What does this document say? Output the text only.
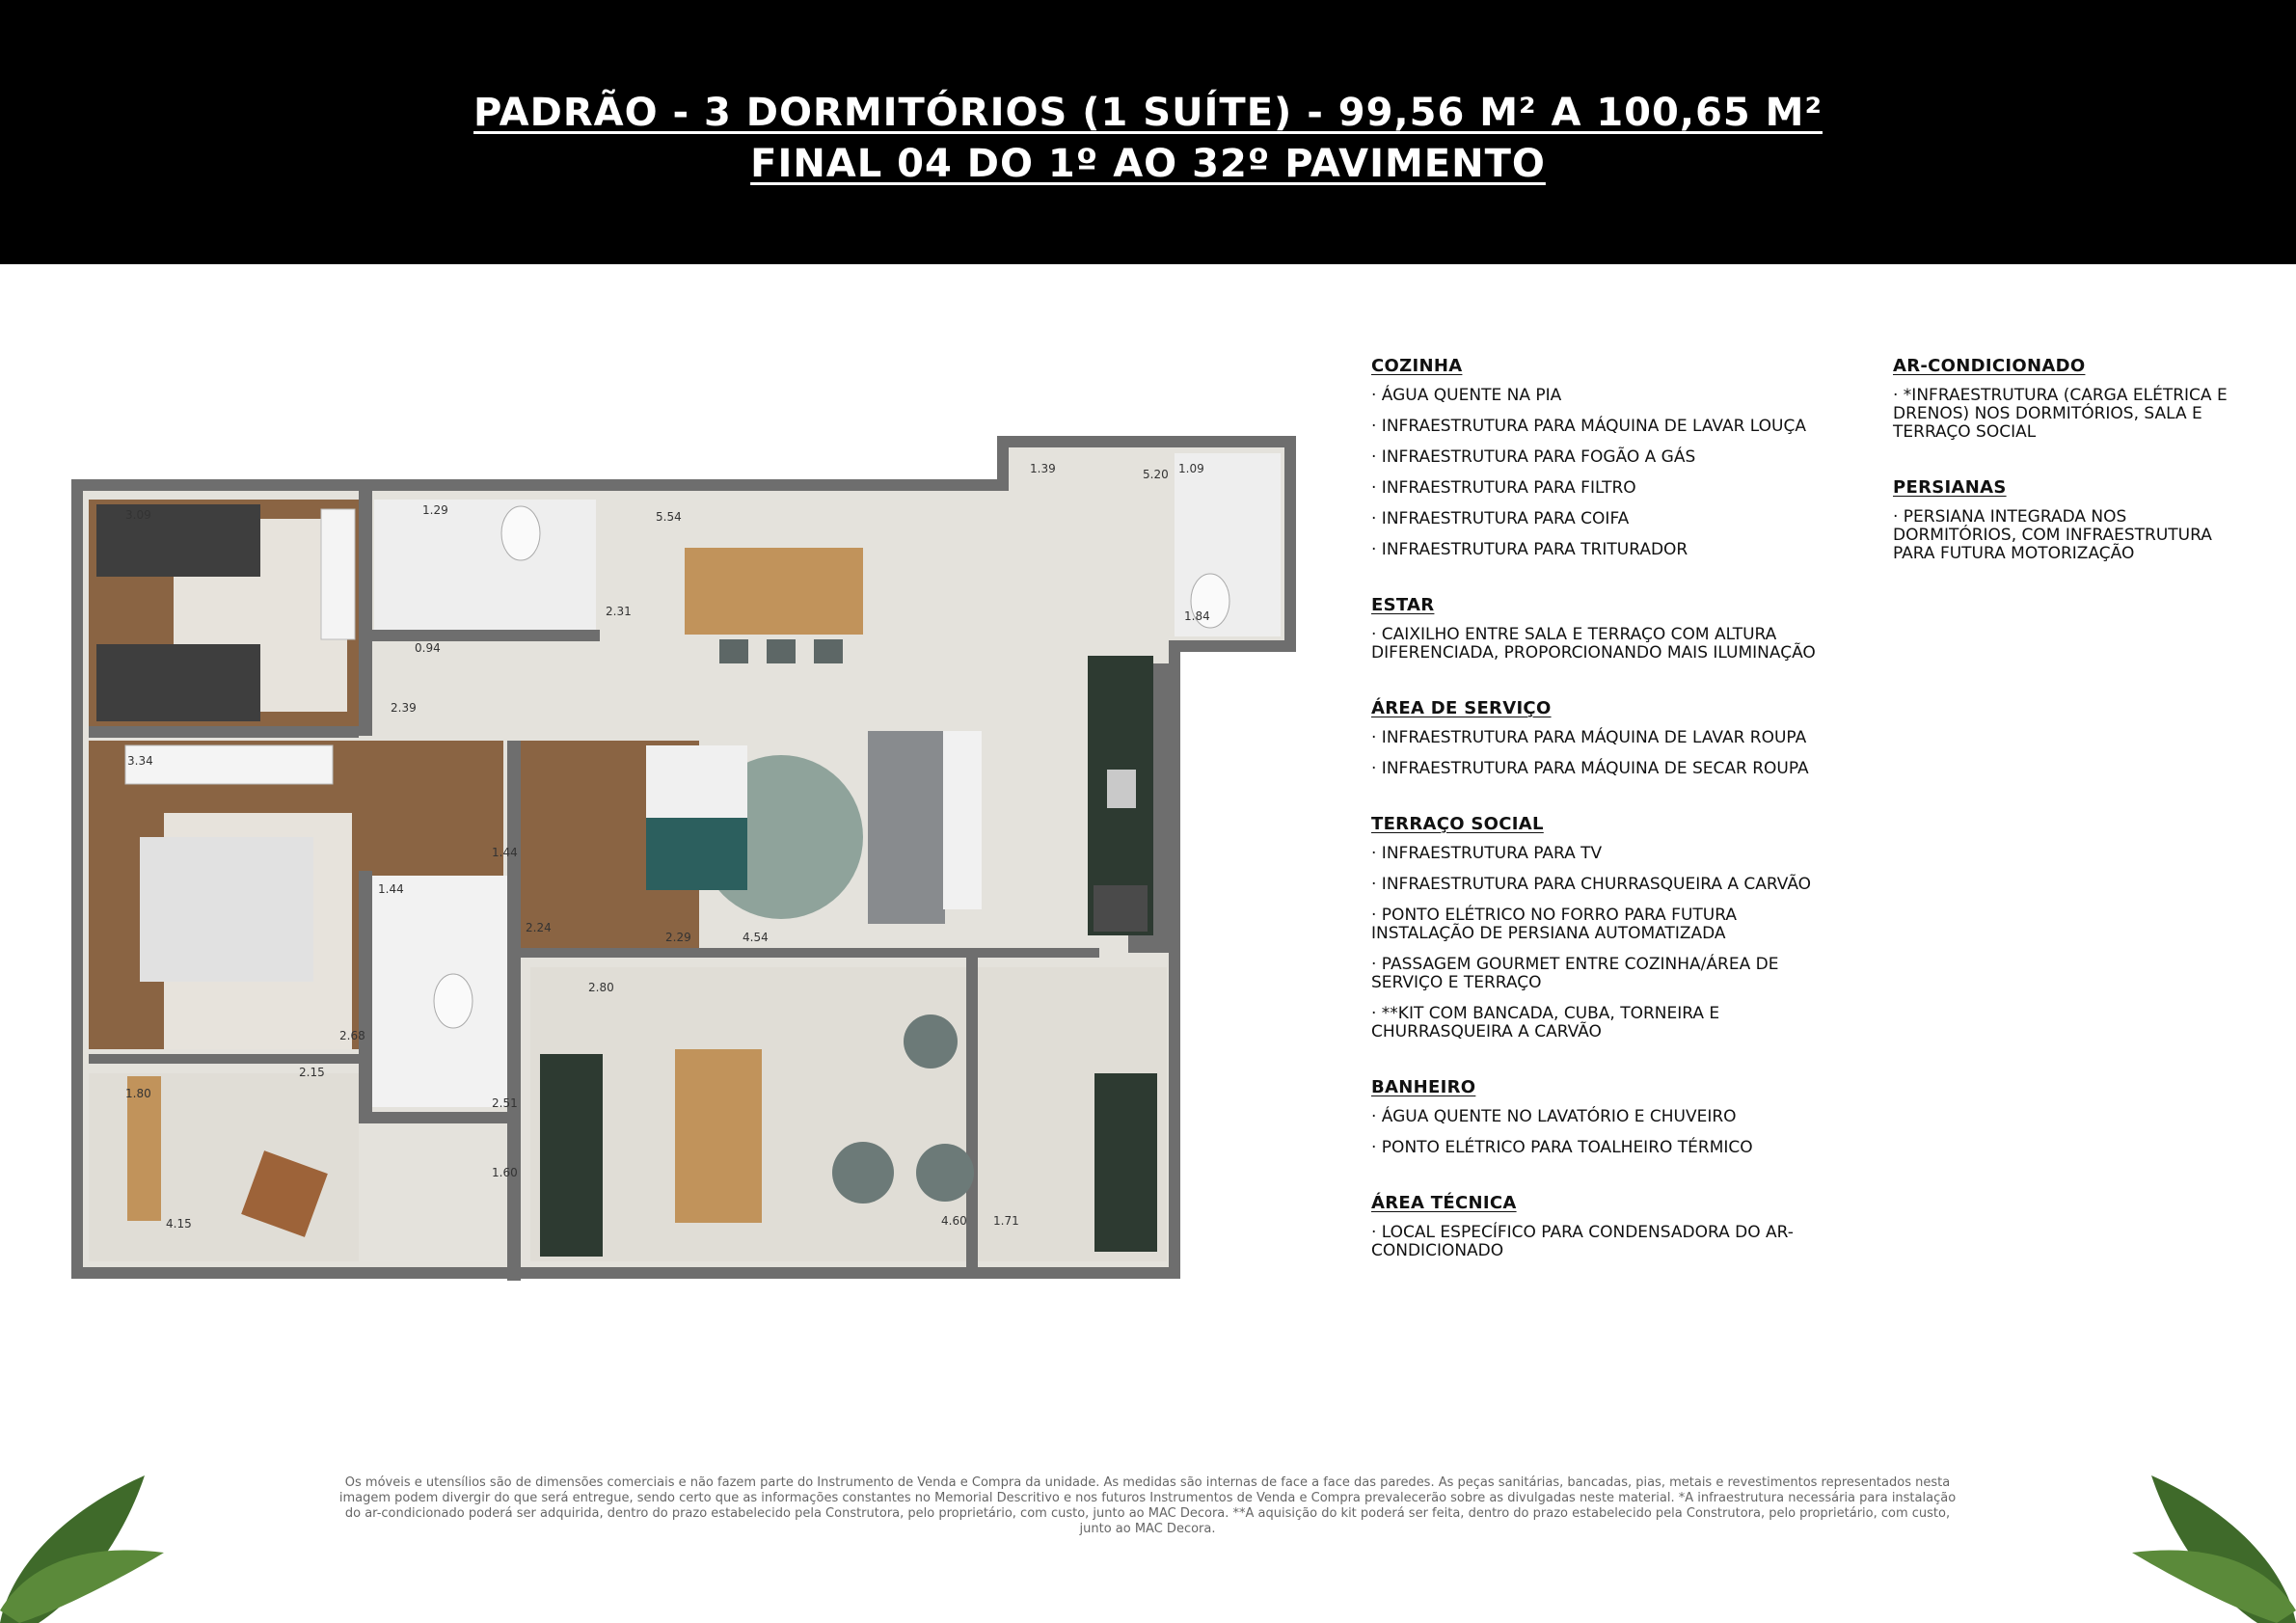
PADRÃO - 3 DORMITÓRIOS (1 SUÍTE) - 99,56 M² A 100,65 M²
FINAL 04 DO 1º AO 32º PAVIMENTO
3.09	1.29
2.31
5.54
1.39	5.20 1.09
1.84
0.94
2.39
3.34
1.44
1.44
2.24
2.29	4.54
2.80
2.68
2.15
1.80
2.51
1.60
4.15	4.60 1.71
COZINHA
· ÁGUA QUENTE NA PIA
· INFRAESTRUTURA PARA MÁQUINA DE LAVAR LOUÇA
· INFRAESTRUTURA PARA FOGÃO A GÁS
· INFRAESTRUTURA PARA FILTRO
· INFRAESTRUTURA PARA COIFA
· INFRAESTRUTURA PARA TRITURADOR
ESTAR
· CAIXILHO ENTRE SALA E TERRAÇO COM ALTURA DIFERENCIADA, PROPORCIONANDO MAIS ILUMINAÇÃO
ÁREA DE SERVIÇO
· INFRAESTRUTURA PARA MÁQUINA DE LAVAR ROUPA
· INFRAESTRUTURA PARA MÁQUINA DE SECAR ROUPA
TERRAÇO SOCIAL
· INFRAESTRUTURA PARA TV
· INFRAESTRUTURA PARA CHURRASQUEIRA A CARVÃO
· PONTO ELÉTRICO NO FORRO PARA FUTURA INSTALAÇÃO DE PERSIANA AUTOMATIZADA
· PASSAGEM GOURMET ENTRE COZINHA/ÁREA DE SERVIÇO E TERRAÇO
· **KIT COM BANCADA, CUBA, TORNEIRA E CHURRASQUEIRA A CARVÃO
BANHEIRO
· ÁGUA QUENTE NO LAVATÓRIO E CHUVEIRO
· PONTO ELÉTRICO PARA TOALHEIRO TÉRMICO
ÁREA TÉCNICA
· LOCAL ESPECÍFICO PARA CONDENSADORA DO AR-CONDICIONADO
AR-CONDICIONADO
· *INFRAESTRUTURA (CARGA ELÉTRICA E DRENOS) NOS DORMITÓRIOS, SALA E TERRAÇO SOCIAL
PERSIANAS
· PERSIANA INTEGRADA NOS DORMITÓRIOS, COM INFRAESTRUTURA PARA FUTURA MOTORIZAÇÃO
Os móveis e utensílios são de dimensões comerciais e não fazem parte do Instrumento de Venda e Compra da unidade. As medidas são internas de face a face das paredes. As peças sanitárias, bancadas, pias, metais e revestimentos representados nesta imagem podem divergir do que será entregue, sendo certo que as informações constantes no Memorial Descritivo e nos futuros Instrumentos de Venda e Compra prevalecerão sobre as divulgadas neste material. *A infraestrutura necessária para instalação do ar-condicionado poderá ser adquirida, dentro do prazo estabelecido pela Construtora, pelo proprietário, com custo, junto ao MAC Decora. **A aquisição do kit poderá ser feita, dentro do prazo estabelecido pela Construtora, pelo proprietário, com custo, junto ao MAC Decora.
